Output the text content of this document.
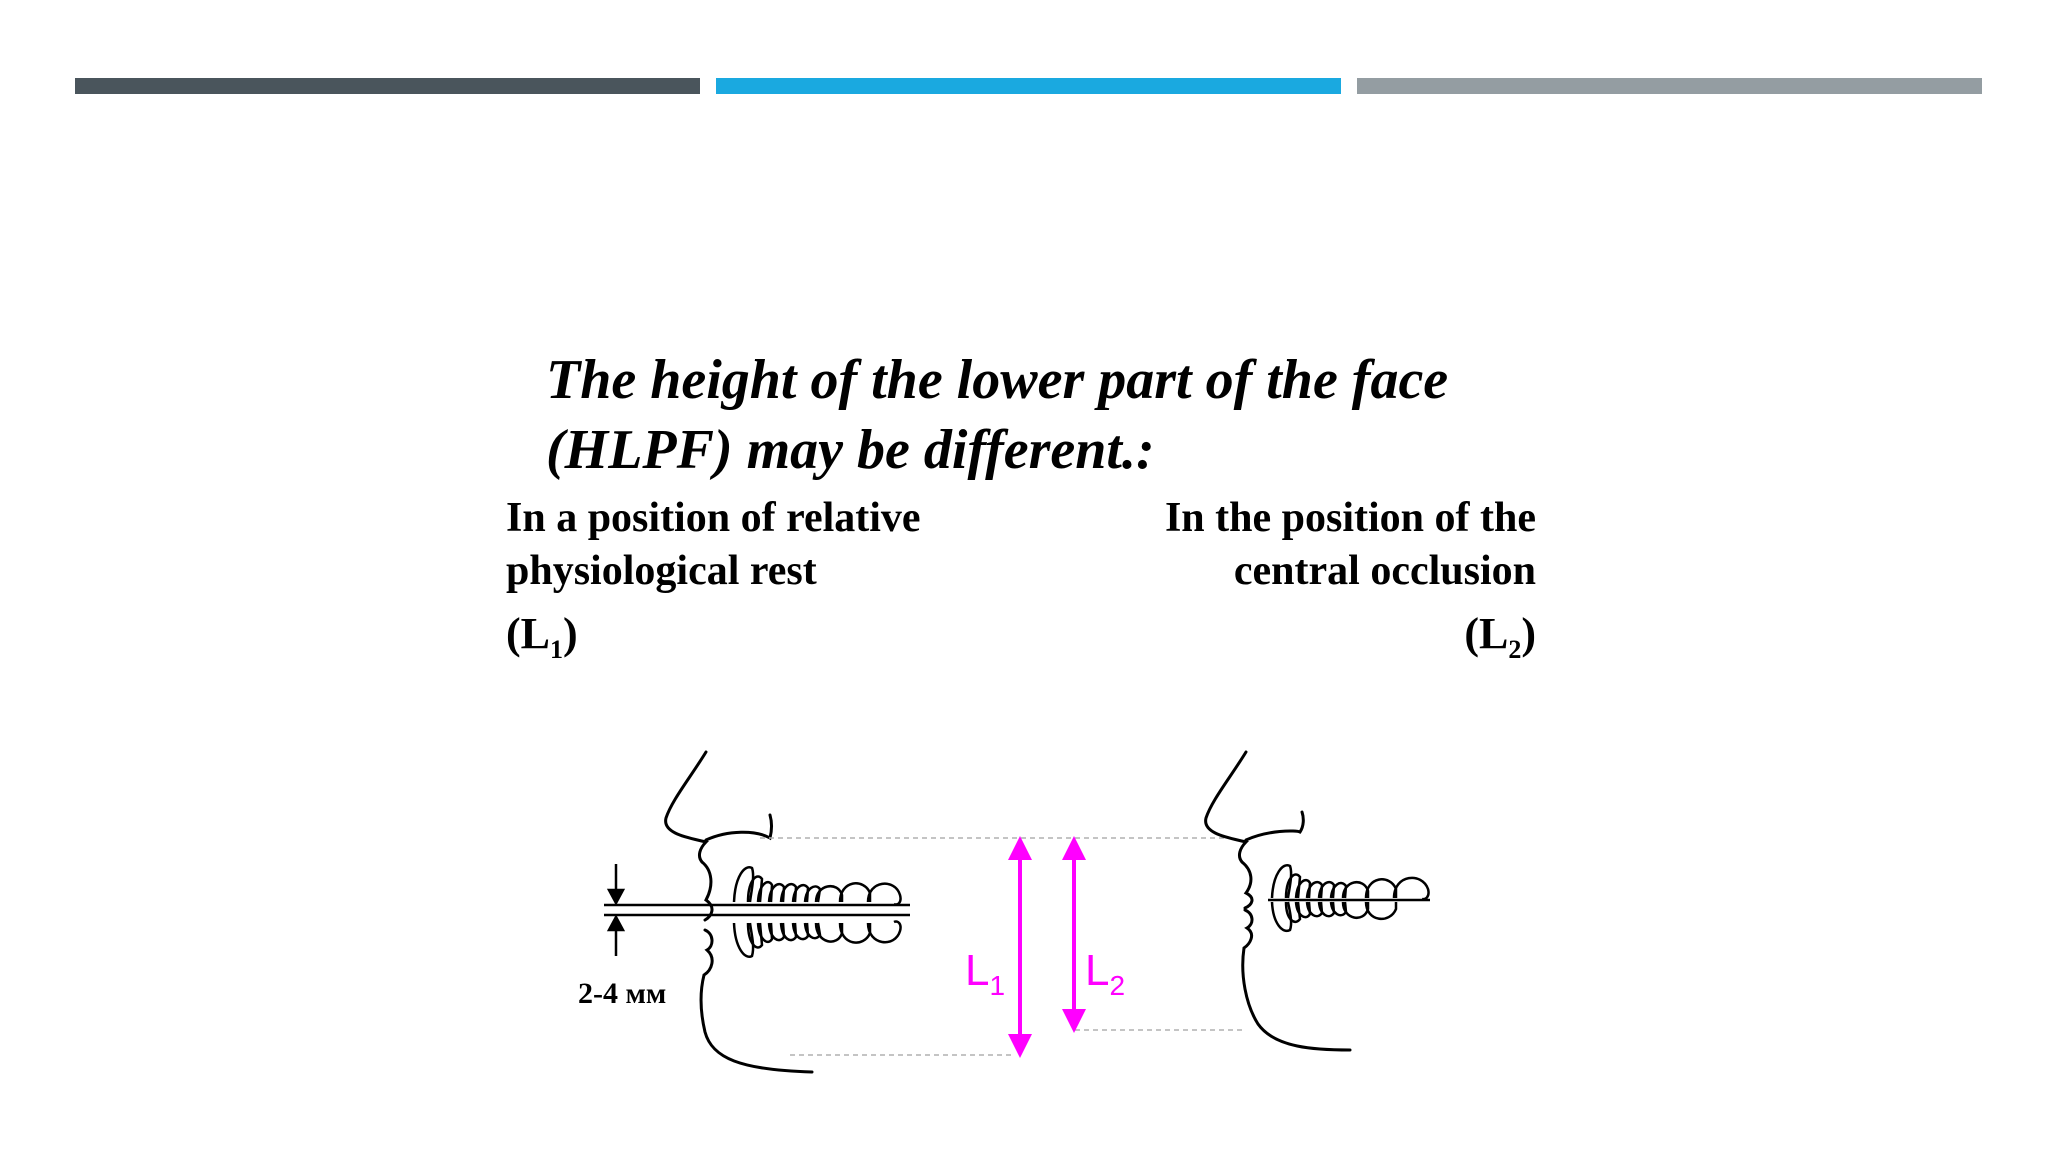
The height of the lower part of the face
(HLPF) may be different.:
In a position of relative
physiological rest
$(L_1)$
In the position of the
central occlusion
$(L_2)$
2-4 мм	L1 L2
